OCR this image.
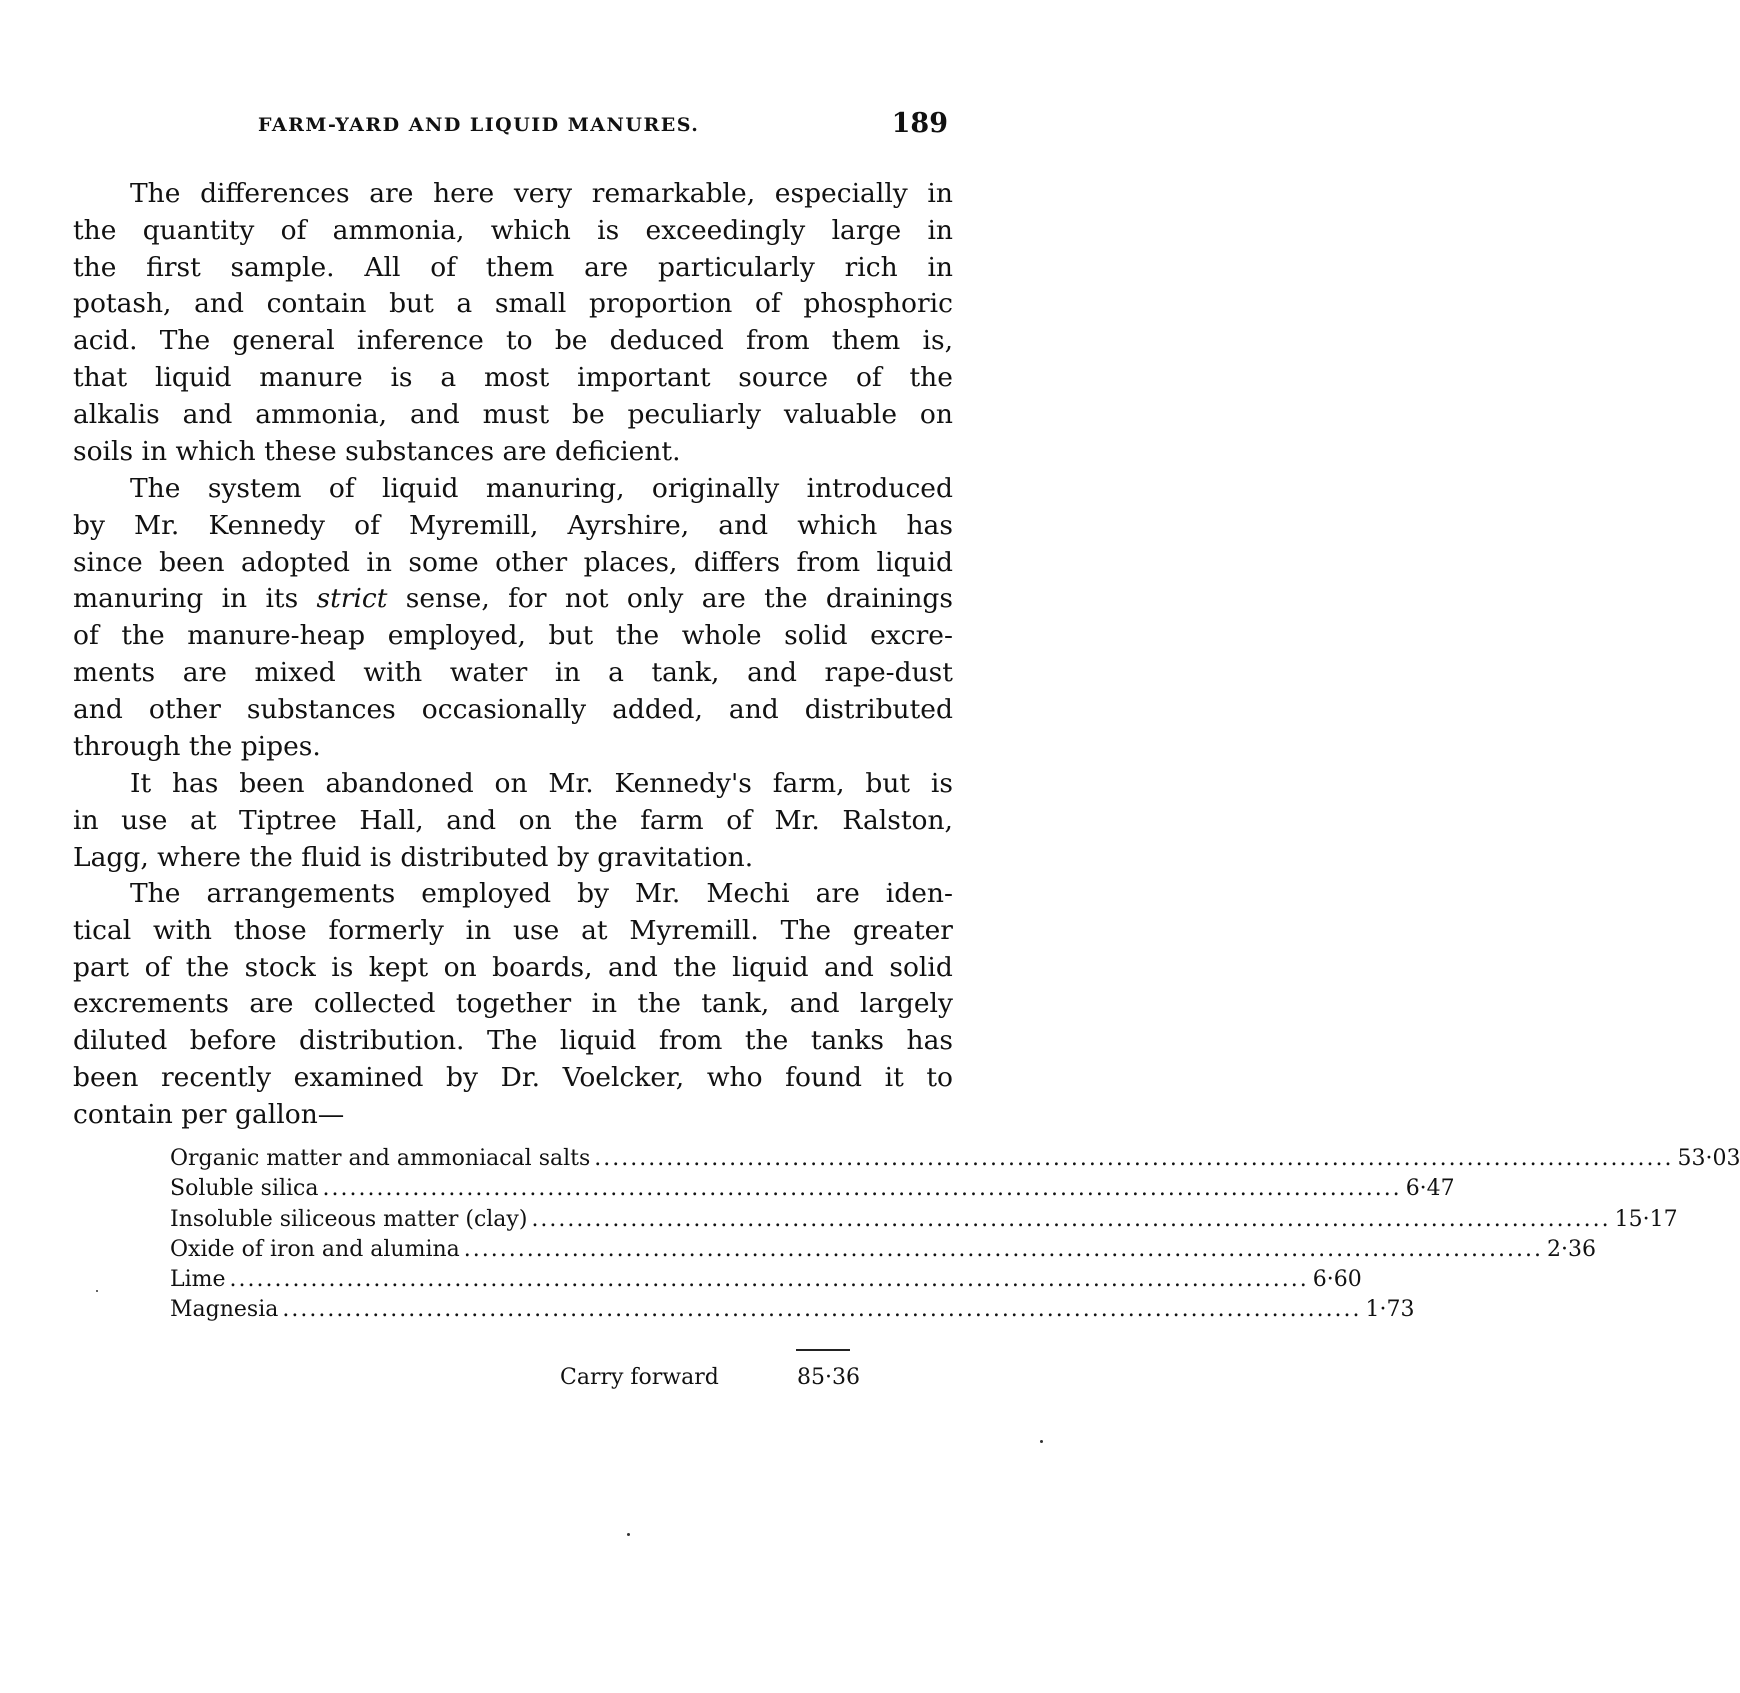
FARM-YARD AND LIQUID MANURES.	189
The differences are here very remarkable, especially in
the quantity of ammonia, which is exceedingly large in
the first sample. All of them are particularly rich in
potash, and contain but a small proportion of phosphoric
acid. The general inference to be deduced from them is,
that liquid manure is a most important source of the
alkalis and ammonia, and must be peculiarly valuable on
soils in which these substances are deficient.
The system of liquid manuring, originally introduced
by Mr. Kennedy of Myremill, Ayrshire, and which has
since been adopted in some other places, differs from liquid
manuring in its strict sense, for not only are the drainings
of the manure-heap employed, but the whole solid excre-
ments are mixed with water in a tank, and rape-dust
and other substances occasionally added, and distributed
through the pipes.
It has been abandoned on Mr. Kennedy's farm, but is
in use at Tiptree Hall, and on the farm of Mr. Ralston,
Lagg, where the fluid is distributed by gravitation.
The arrangements employed by Mr. Mechi are iden-
tical with those formerly in use at Myremill. The greater
part of the stock is kept on boards, and the liquid and solid
excrements are collected together in the tank, and largely
diluted before distribution. The liquid from the tanks has
been recently examined by Dr. Voelcker, who found it to
contain per gallon—
Organic matter and ammoniacal salts ........................................................................................................................ 53·03
Soluble silica ........................................................................................................................ 6·47
Insoluble siliceous matter (clay) ........................................................................................................................ 15·17
Oxide of iron and alumina ........................................................................................................................ 2·36
Lime ........................................................................................................................ 6·60
Magnesia ........................................................................................................................ 1·73
Carry forward	85·36
